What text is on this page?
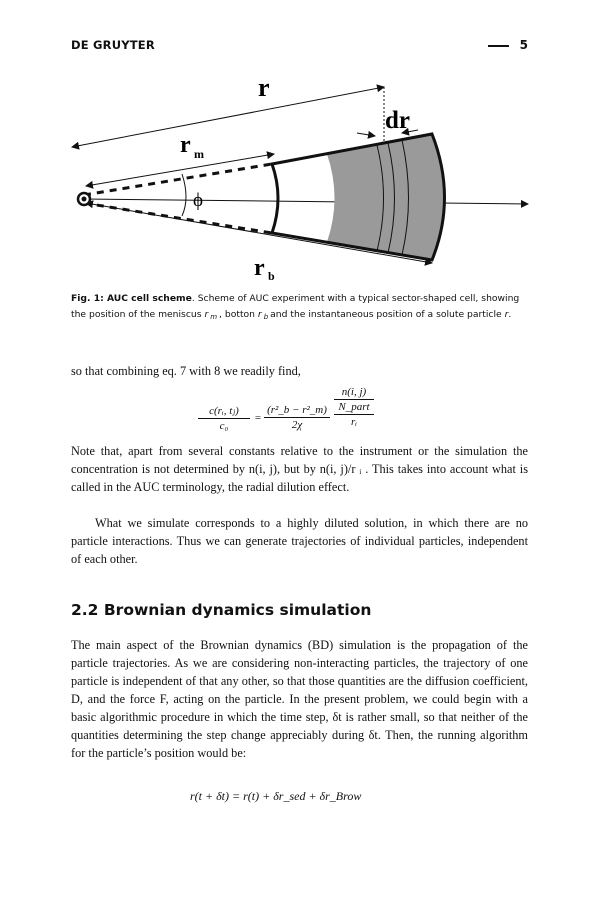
DE GRUYTER	5
r
r m
dr
r b
ϕ
Fig. 1: AUC cell scheme. Scheme of AUC experiment with a typical sector-shaped cell, showing the position of the meniscus r $_m$ , botton r $_b$ and the instantaneous position of a solute particle r.
so that combining eq. 7 with 8 we readily find,
c(rᵢ, tⱼ)
c₀
=
(r²_b − r²_m)
2χ
n(i, j)
N_part
rᵢ
Note that, apart from several constants relative to the instrument or the simulation the concentration is not determined by n(i, j), but by n(i, j)/r ᵢ . This takes into account what is called in the AUC terminology, the radial dilution effect.
What we simulate corresponds to a highly diluted solution, in which there are no particle interactions. Thus we can generate trajectories of individual particles, independent of each other.
2.2 Brownian dynamics simulation
The main aspect of the Brownian dynamics (BD) simulation is the propagation of the particle trajectories. As we are considering non-interacting particles, the trajectory of one particle is independent of that any other, so that those quantities are the diffusion coefficient, D, and the force F, acting on the particle. In the present problem, we could begin with a basic algorithmic procedure in which the time step, δt is rather small, so that neither of the quantities determining the step change appreciably during δt. Then, the running algorithm for the particle’s position would be:
r(t + δt) = r(t) + δr_sed + δr_Brow
